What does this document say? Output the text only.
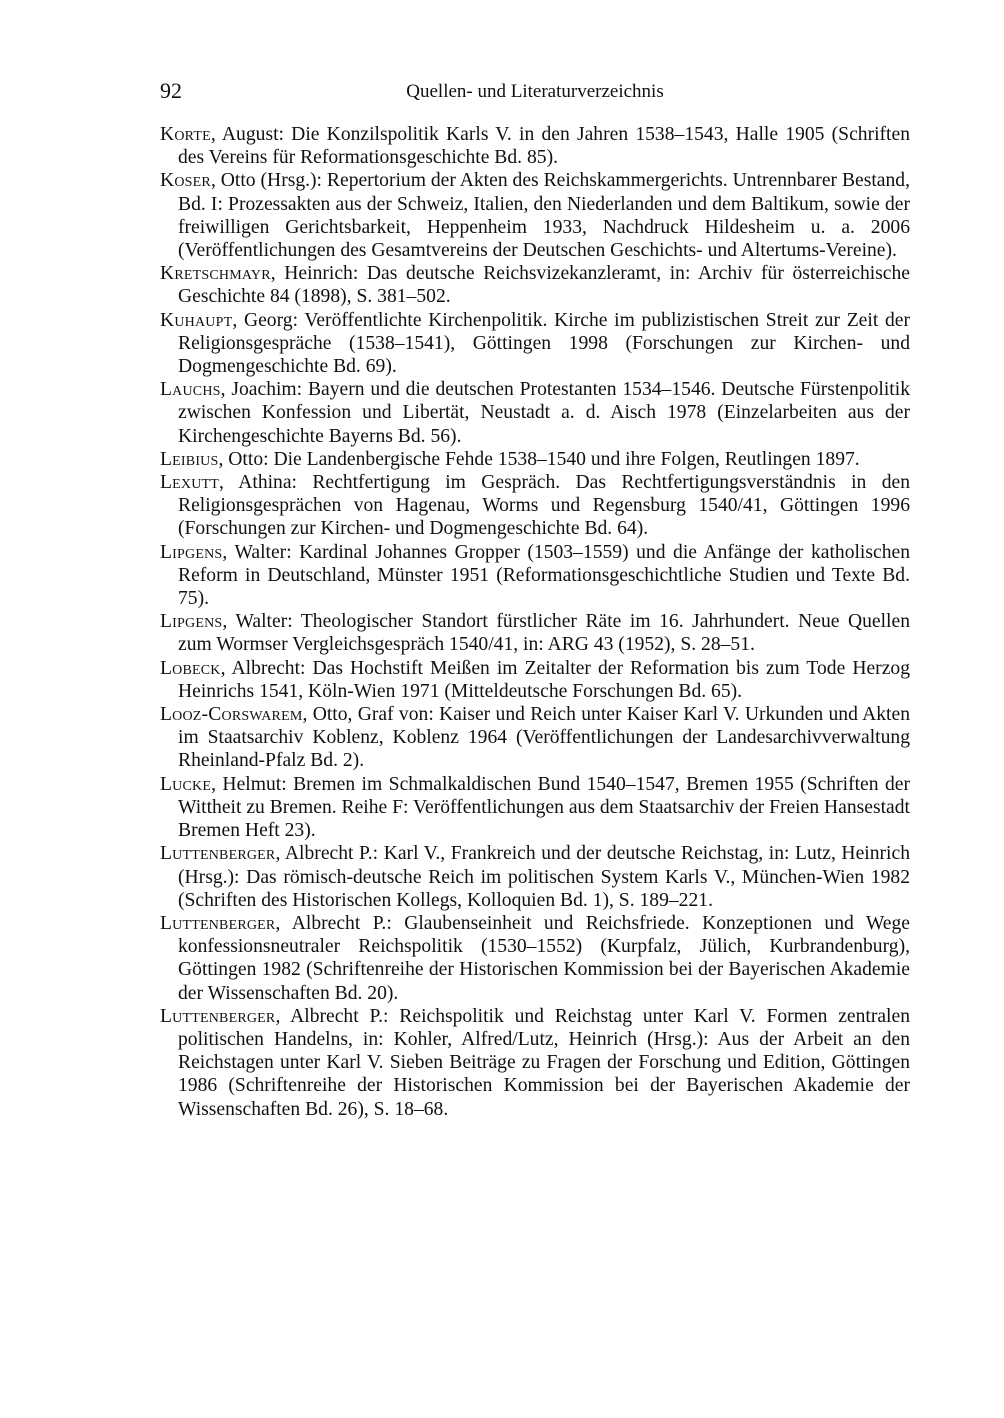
92	Quellen- und Literaturverzeichnis
Korte, August: Die Konzilspolitik Karls V. in den Jahren 1538–1543, Halle 1905 (Schriften des Vereins für Reformationsgeschichte Bd. 85).
Koser, Otto (Hrsg.): Repertorium der Akten des Reichskammergerichts. Untrennbarer Bestand, Bd. I: Prozessakten aus der Schweiz, Italien, den Niederlanden und dem Baltikum, sowie der freiwilligen Gerichtsbarkeit, Heppenheim 1933, Nachdruck Hildesheim u. a. 2006 (Veröffentlichungen des Gesamtvereins der Deutschen Geschichts- und Altertums-Vereine).
Kretschmayr, Heinrich: Das deutsche Reichsvizekanzleramt, in: Archiv für österreichische Geschichte 84 (1898), S. 381–502.
Kuhaupt, Georg: Veröffentlichte Kirchenpolitik. Kirche im publizistischen Streit zur Zeit der Religionsgespräche (1538–1541), Göttingen 1998 (Forschungen zur Kirchen- und Dogmengeschichte Bd. 69).
Lauchs, Joachim: Bayern und die deutschen Protestanten 1534–1546. Deutsche Fürstenpolitik zwischen Konfession und Libertät, Neustadt a. d. Aisch 1978 (Einzelarbeiten aus der Kirchengeschichte Bayerns Bd. 56).
Leibius, Otto: Die Landenbergische Fehde 1538–1540 und ihre Folgen, Reutlingen 1897.
Lexutt, Athina: Rechtfertigung im Gespräch. Das Rechtfertigungsverständnis in den Religionsgesprächen von Hagenau, Worms und Regensburg 1540/41, Göttingen 1996 (Forschungen zur Kirchen- und Dogmengeschichte Bd. 64).
Lipgens, Walter: Kardinal Johannes Gropper (1503–1559) und die Anfänge der katholischen Reform in Deutschland, Münster 1951 (Reformationsgeschichtliche Studien und Texte Bd. 75).
Lipgens, Walter: Theologischer Standort fürstlicher Räte im 16. Jahrhundert. Neue Quellen zum Wormser Vergleichsgespräch 1540/41, in: ARG 43 (1952), S. 28–51.
Lobeck, Albrecht: Das Hochstift Meißen im Zeitalter der Reformation bis zum Tode Herzog Heinrichs 1541, Köln-Wien 1971 (Mitteldeutsche Forschungen Bd. 65).
Looz-Corswarem, Otto, Graf von: Kaiser und Reich unter Kaiser Karl V. Urkunden und Akten im Staatsarchiv Koblenz, Koblenz 1964 (Veröffentlichungen der Landesarchivverwaltung Rheinland-Pfalz Bd. 2).
Lucke, Helmut: Bremen im Schmalkaldischen Bund 1540–1547, Bremen 1955 (Schriften der Wittheit zu Bremen. Reihe F: Veröffentlichungen aus dem Staatsarchiv der Freien Hansestadt Bremen Heft 23).
Luttenberger, Albrecht P.: Karl V., Frankreich und der deutsche Reichstag, in: Lutz, Heinrich (Hrsg.): Das römisch-deutsche Reich im politischen System Karls V., München-Wien 1982 (Schriften des Historischen Kollegs, Kolloquien Bd. 1), S. 189–221.
Luttenberger, Albrecht P.: Glaubenseinheit und Reichsfriede. Konzeptionen und Wege konfessionsneutraler Reichspolitik (1530–1552) (Kurpfalz, Jülich, Kurbrandenburg), Göttingen 1982 (Schriftenreihe der Historischen Kommission bei der Bayerischen Akademie der Wissenschaften Bd. 20).
Luttenberger, Albrecht P.: Reichspolitik und Reichstag unter Karl V. Formen zentralen politischen Handelns, in: Kohler, Alfred/Lutz, Heinrich (Hrsg.): Aus der Arbeit an den Reichstagen unter Karl V. Sieben Beiträge zu Fragen der Forschung und Edition, Göttingen 1986 (Schriftenreihe der Historischen Kommission bei der Bayerischen Akademie der Wissenschaften Bd. 26), S. 18–68.
